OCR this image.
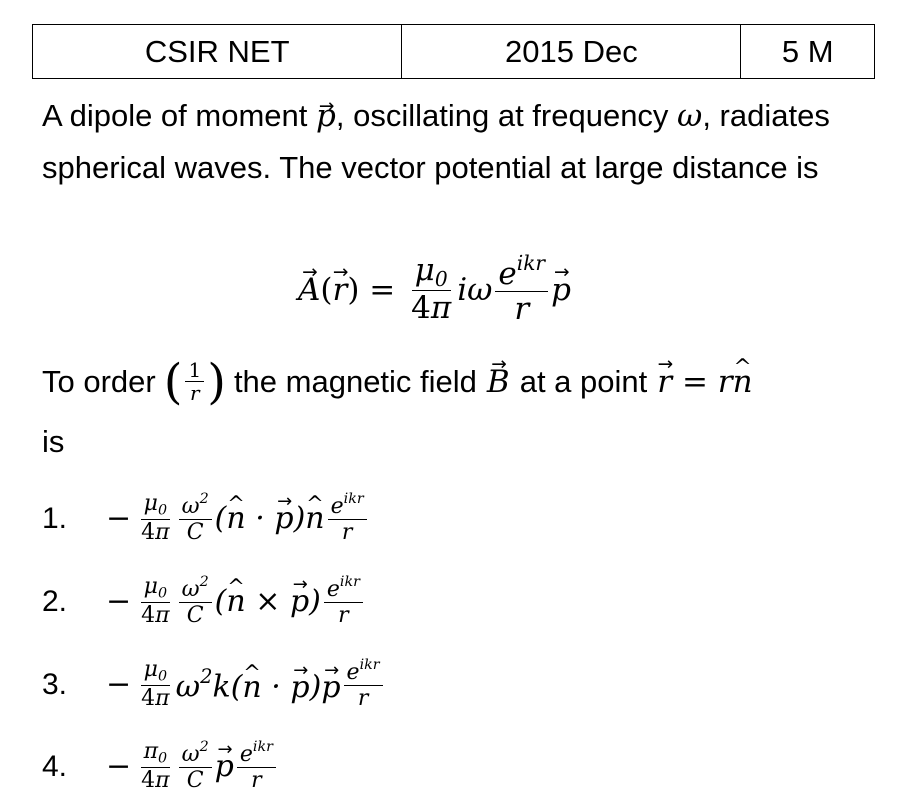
CSIR NET	2015 Dec	5 M

A dipole of moment → p, oscillating at frequency ω, radiates spherical waves. The vector potential at large distance is

→ A (
→ r ) = $\frac{\mu_0}{4\pi}$ iω $\frac{e^{ikr}}{r}$
→ p
To order ( $\frac{1}{r}$ ) the magnetic field
→ B at a point
→ r = r^ n
is
1.	− $\frac{\mu_0}{4\pi} \frac{\omega^2}{C}$ (^ n · → p)^ n $\frac{e^{ikr}}{r}$
2.	− $\frac{\mu_0}{4\pi} \frac{\omega^2}{C}$ (^ n × → $p) \frac{e^{ikr}}{r}$
3.	− $\frac{\mu_0}{4\pi}$ $\omega^2k(\^{}$ n · → p)→ p $\frac{e^{ikr}}{r}$
4.	− $\frac{\pi_0}{4\pi} \frac{\omega^2}{C}$
→ p $\frac{e^{ikr}}{r}$
